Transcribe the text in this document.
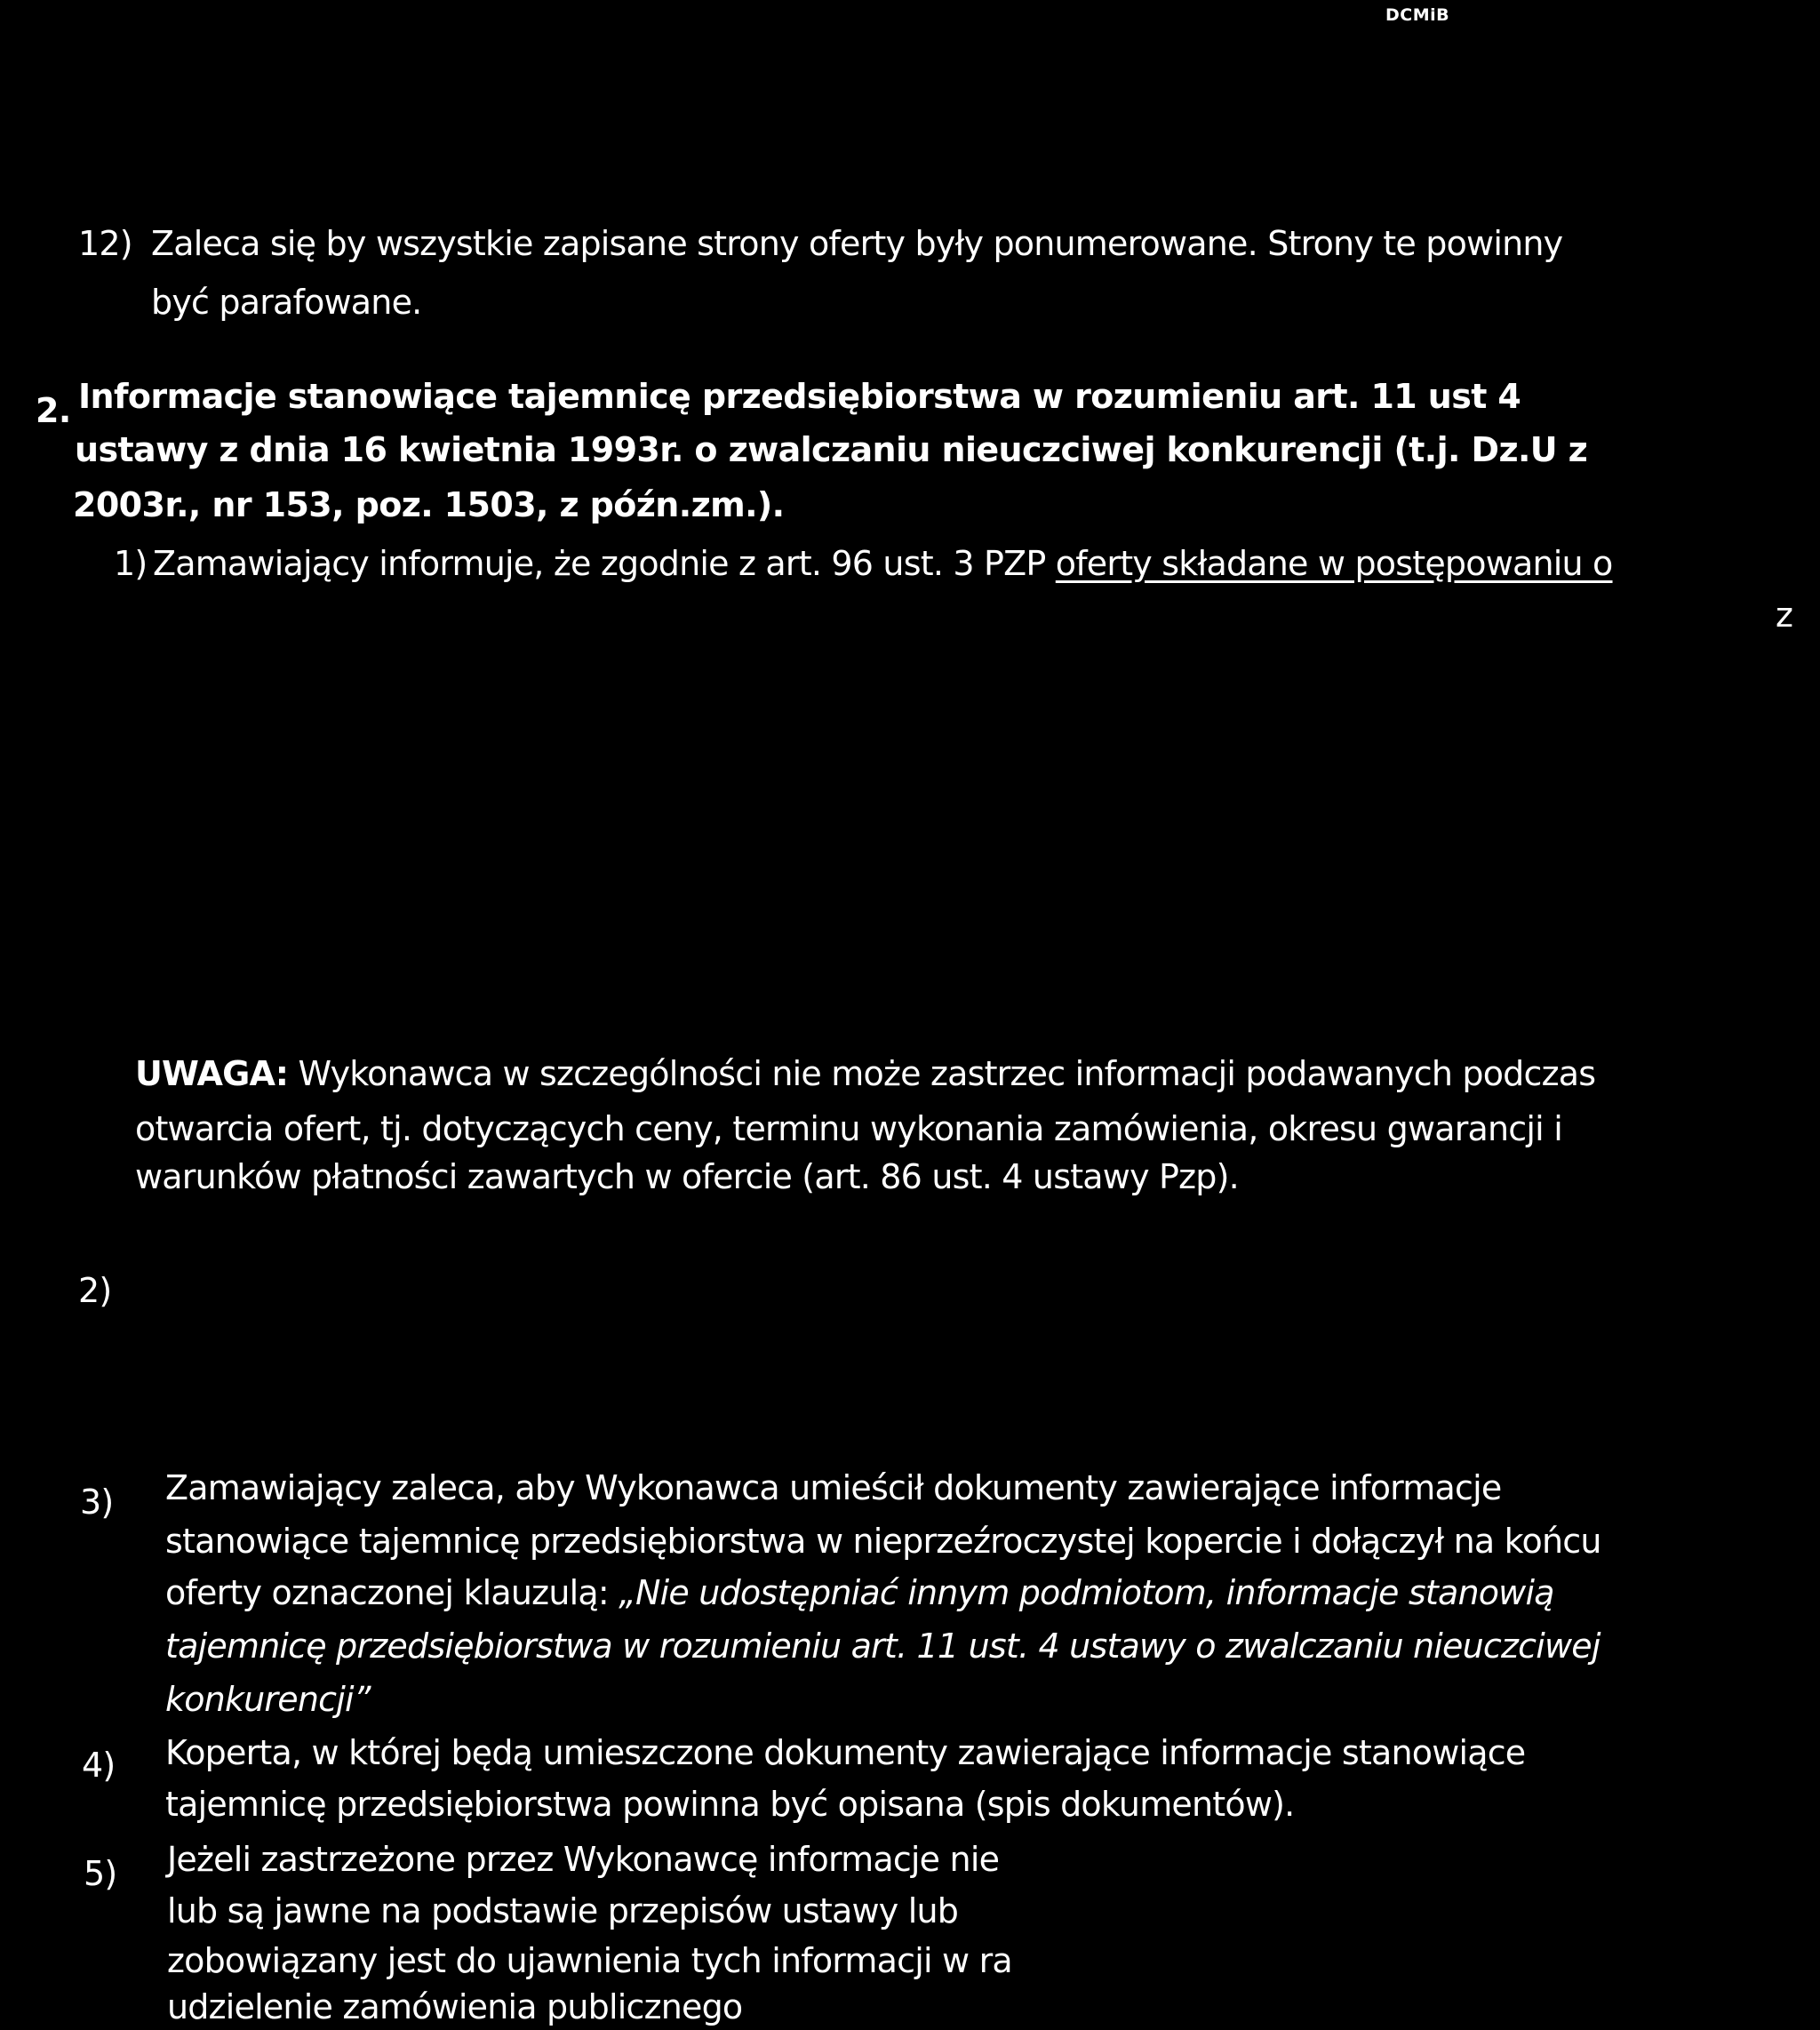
DCMiB
12) Zaleca się by wszystkie zapisane strony oferty były ponumerowane. Strony te powinny
być parafowane.
2. Informacje stanowiące tajemnicę przedsiębiorstwa w rozumieniu art. 11 ust 4
ustawy z dnia 16 kwietnia 1993r. o zwalczaniu nieuczciwej konkurencji (t.j. Dz.U z
2003r., nr 153, poz. 1503, z późn.zm.).
1) Zamawiający informuje, że zgodnie z art. 96 ust. 3 PZP oferty składane w postępowaniu o
z
UWAGA: Wykonawca w szczególności nie może zastrzec informacji podawanych podczas
otwarcia ofert, tj. dotyczących ceny, terminu wykonania zamówienia, okresu gwarancji i
warunków płatności zawartych w ofercie (art. 86 ust. 4 ustawy Pzp).
2)
3) Zamawiający zaleca, aby Wykonawca umieścił dokumenty zawierające informacje
stanowiące tajemnicę przedsiębiorstwa w nieprzeźroczystej kopercie i dołączył na końcu
oferty oznaczonej klauzulą: „Nie udostępniać innym podmiotom, informacje stanowią
tajemnicę przedsiębiorstwa w rozumieniu art. 11 ust. 4 ustawy o zwalczaniu nieuczciwej
konkurencji”
4) Koperta, w której będą umieszczone dokumenty zawierające informacje stanowiące
tajemnicę przedsiębiorstwa powinna być opisana (spis dokumentów).
5) Jeżeli zastrzeżone przez Wykonawcę informacje nie
lub są jawne na podstawie przepisów ustawy lub
zobowiązany jest do ujawnienia tych informacji w ra
udzielenie zamówienia publicznego
